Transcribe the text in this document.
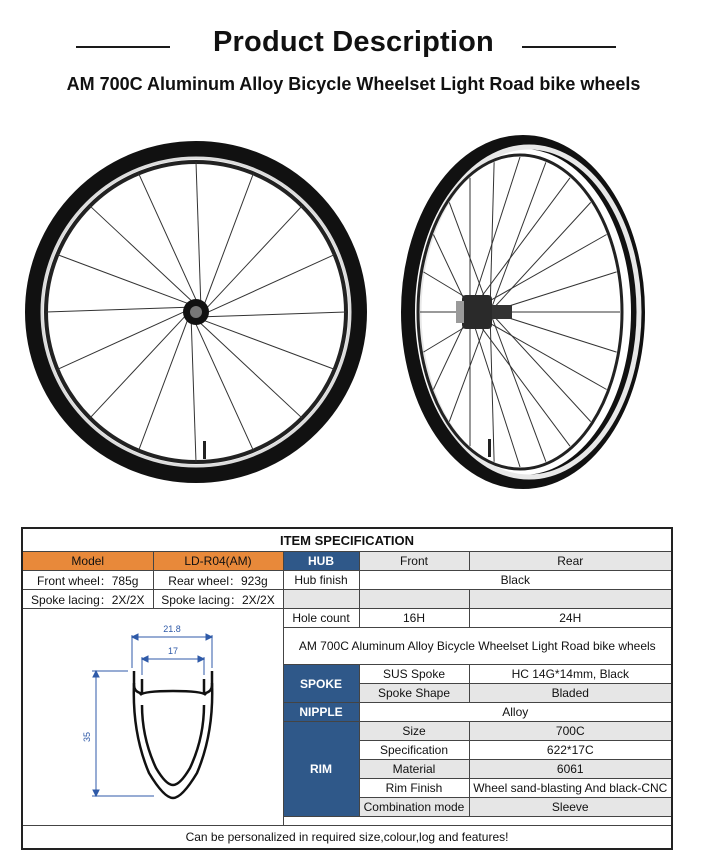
Product Description
AM 700C Aluminum Alloy Bicycle Wheelset Light Road bike wheels
ITEM SPECIFICATION				
Model	LD-R04(AM)	HUB	Front	Rear
Front wheel：785g	Rear wheel：923g	Hub finish	Black	
Spoke lacing：2X/2X	Spoke lacing：2X/2X			

21.8
17
35		Hole count	16H	24H
		AM 700C Aluminum Alloy Bicycle Wheelset Light Road bike wheels		
		SPOKE	SUS Spoke	HC 14G*14mm, Black
			Spoke Shape	Bladed
		NIPPLE	Alloy	
		RIM	Size	700C
			Specification	622*17C
			Material	6061
			Rim Finish	Wheel sand-blasting And black-CNC
			Combination mode	Sleeve

Can be personalized in required size,colour,log and features!				
